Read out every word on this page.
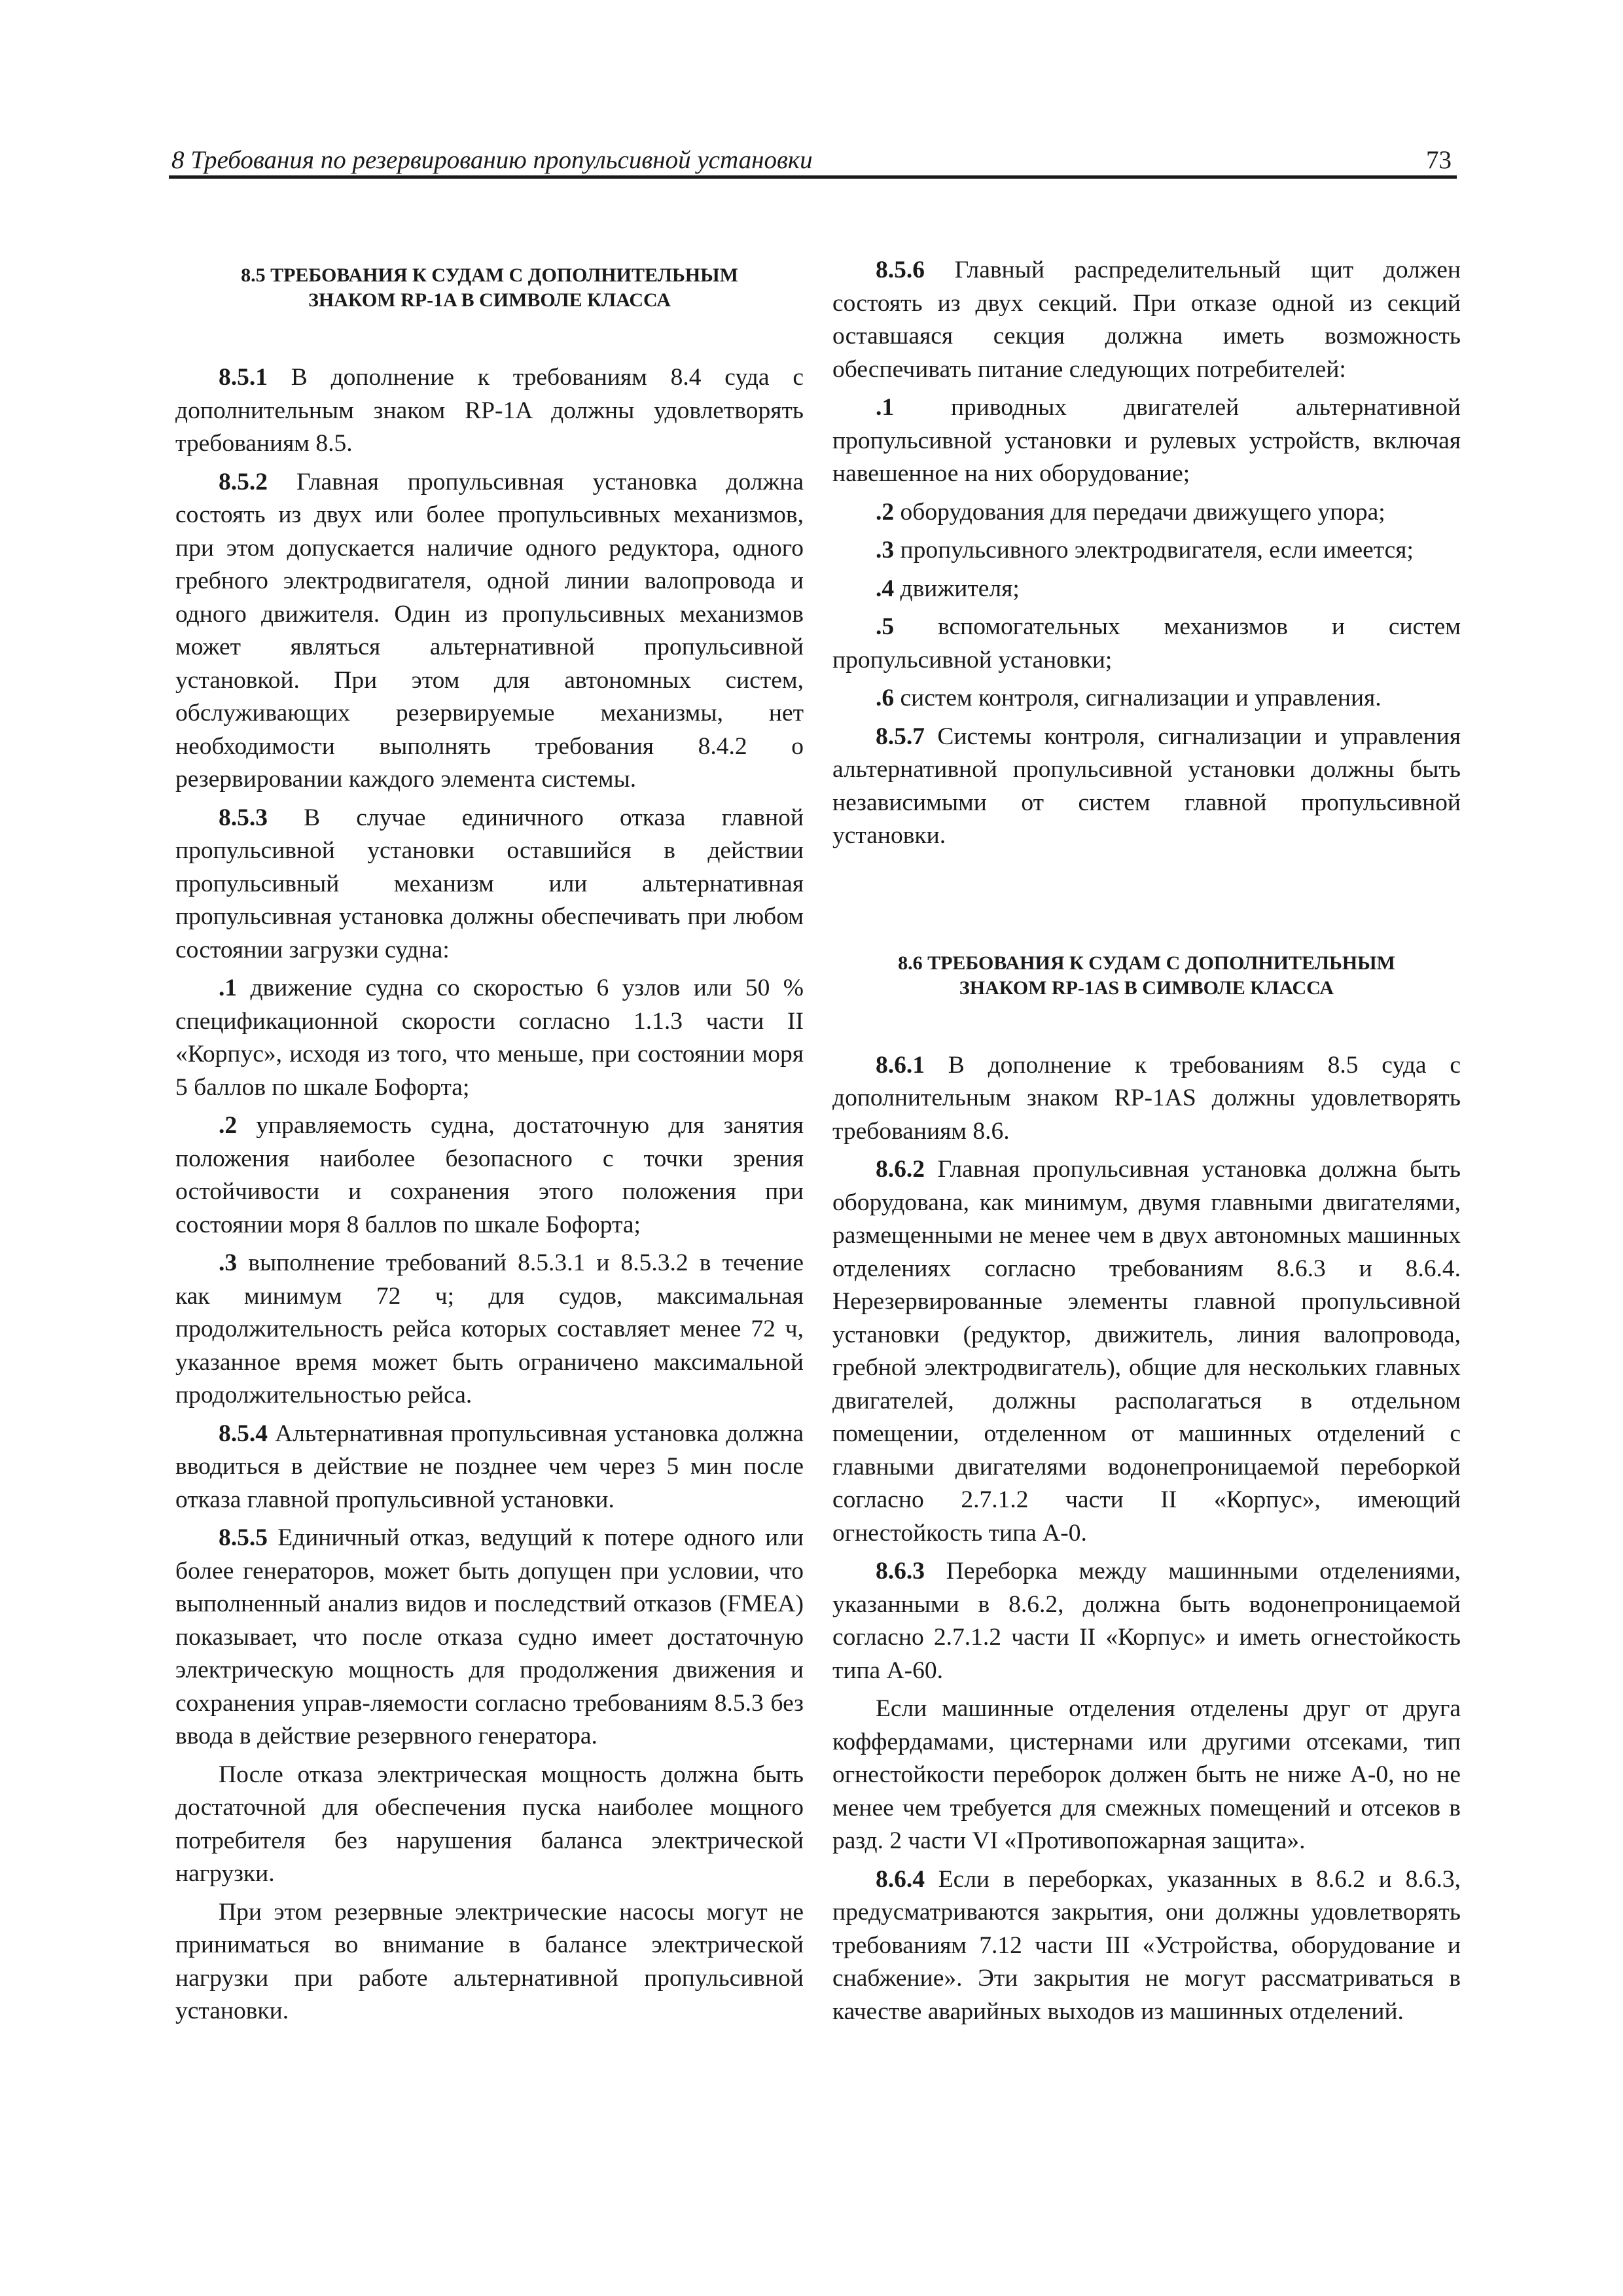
8 Требования по резервированию пропульсивной установки	73
8.5 ТРЕБОВАНИЯ К СУДАМ С ДОПОЛНИТЕЛЬНЫМ
ЗНАКОМ RP-1A В СИМВОЛЕ КЛАССА

8.5.1 В дополнение к требованиям 8.4 суда с дополнительным знаком RP-1A должны удовлетворять требованиям 8.5.

8.5.2 Главная пропульсивная установка должна состоять из двух или более пропульсивных механизмов, при этом допускается наличие одного редуктора, одного гребного электродвигателя, одной линии валопровода и одного движителя. Один из пропульсивных механизмов может являться альтернативной пропульсивной установкой. При этом для автономных систем, обслуживающих резервируемые механизмы, нет необходимости выполнять требования 8.4.2 о резервировании каждого элемента системы.

8.5.3 В случае единичного отказа главной пропульсивной установки оставшийся в действии пропульсивный механизм или альтернативная пропульсивная установка должны обеспечивать при любом состоянии загрузки судна:

.1 движение судна со скоростью 6 узлов или 50 % спецификационной скорости согласно 1.1.3 части II «Корпус», исходя из того, что меньше, при состоянии моря 5 баллов по шкале Бофорта;

.2 управляемость судна, достаточную для занятия положения наиболее безопасного с точки зрения остойчивости и сохранения этого положения при состоянии моря 8 баллов по шкале Бофорта;

.3 выполнение требований 8.5.3.1 и 8.5.3.2 в течение как минимум 72 ч; для судов, максимальная продолжительность рейса которых составляет менее 72 ч, указанное время может быть ограничено максимальной продолжительностью рейса.

8.5.4 Альтернативная пропульсивная установка должна вводиться в действие не позднее чем через 5 мин после отказа главной пропульсивной установки.

8.5.5 Единичный отказ, ведущий к потере одного или более генераторов, может быть допущен при условии, что выполненный анализ видов и последствий отказов (FMEA) показывает, что после отказа судно имеет достаточную электрическую мощность для продолжения движения и сохранения управ-ляемости согласно требованиям 8.5.3 без ввода в действие резервного генератора.

После отказа электрическая мощность должна быть достаточной для обеспечения пуска наиболее мощного потребителя без нарушения баланса электрической нагрузки.

При этом резервные электрические насосы могут не приниматься во внимание в балансе электрической нагрузки при работе альтернативной пропульсивной установки.

8.5.6 Главный распределительный щит должен состоять из двух секций. При отказе одной из секций оставшаяся секция должна иметь возможность обеспечивать питание следующих потребителей:

.1 приводных двигателей альтернативной пропульсивной установки и рулевых устройств, включая навешенное на них оборудование;

.2 оборудования для передачи движущего упора;

.3 пропульсивного электродвигателя, если имеется;

.4 движителя;

.5 вспомогательных механизмов и систем пропульсивной установки;

.6 систем контроля, сигнализации и управления.

8.5.7 Системы контроля, сигнализации и управления альтернативной пропульсивной установки должны быть независимыми от систем главной пропульсивной установки.

8.6 ТРЕБОВАНИЯ К СУДАМ С ДОПОЛНИТЕЛЬНЫМ
ЗНАКОМ RP-1AS В СИМВОЛЕ КЛАССА

8.6.1 В дополнение к требованиям 8.5 суда с дополнительным знаком RP-1AS должны удовлетворять требованиям 8.6.

8.6.2 Главная пропульсивная установка должна быть оборудована, как минимум, двумя главными двигателями, размещенными не менее чем в двух автономных машинных отделениях согласно требованиям 8.6.3 и 8.6.4. Нерезервированные элементы главной пропульсивной установки (редуктор, движитель, линия валопровода, гребной электродвигатель), общие для нескольких главных двигателей, должны располагаться в отдельном помещении, отделенном от машинных отделений с главными двигателями водонепроницаемой переборкой согласно 2.7.1.2 части II «Корпус», имеющий огнестойкость типа A-0.

8.6.3 Переборка между машинными отделениями, указанными в 8.6.2, должна быть водонепроницаемой согласно 2.7.1.2 части II «Корпус» и иметь огнестойкость типа A-60.

Если машинные отделения отделены друг от друга коффердамами, цистернами или другими отсеками, тип огнестойкости переборок должен быть не ниже A-0, но не менее чем требуется для смежных помещений и отсеков в разд. 2 части VI «Противопожарная защита».

8.6.4 Если в переборках, указанных в 8.6.2 и 8.6.3, предусматриваются закрытия, они должны удовлетворять требованиям 7.12 части III «Устройства, оборудование и снабжение». Эти закрытия не могут рассматриваться в качестве аварийных выходов из машинных отделений.
